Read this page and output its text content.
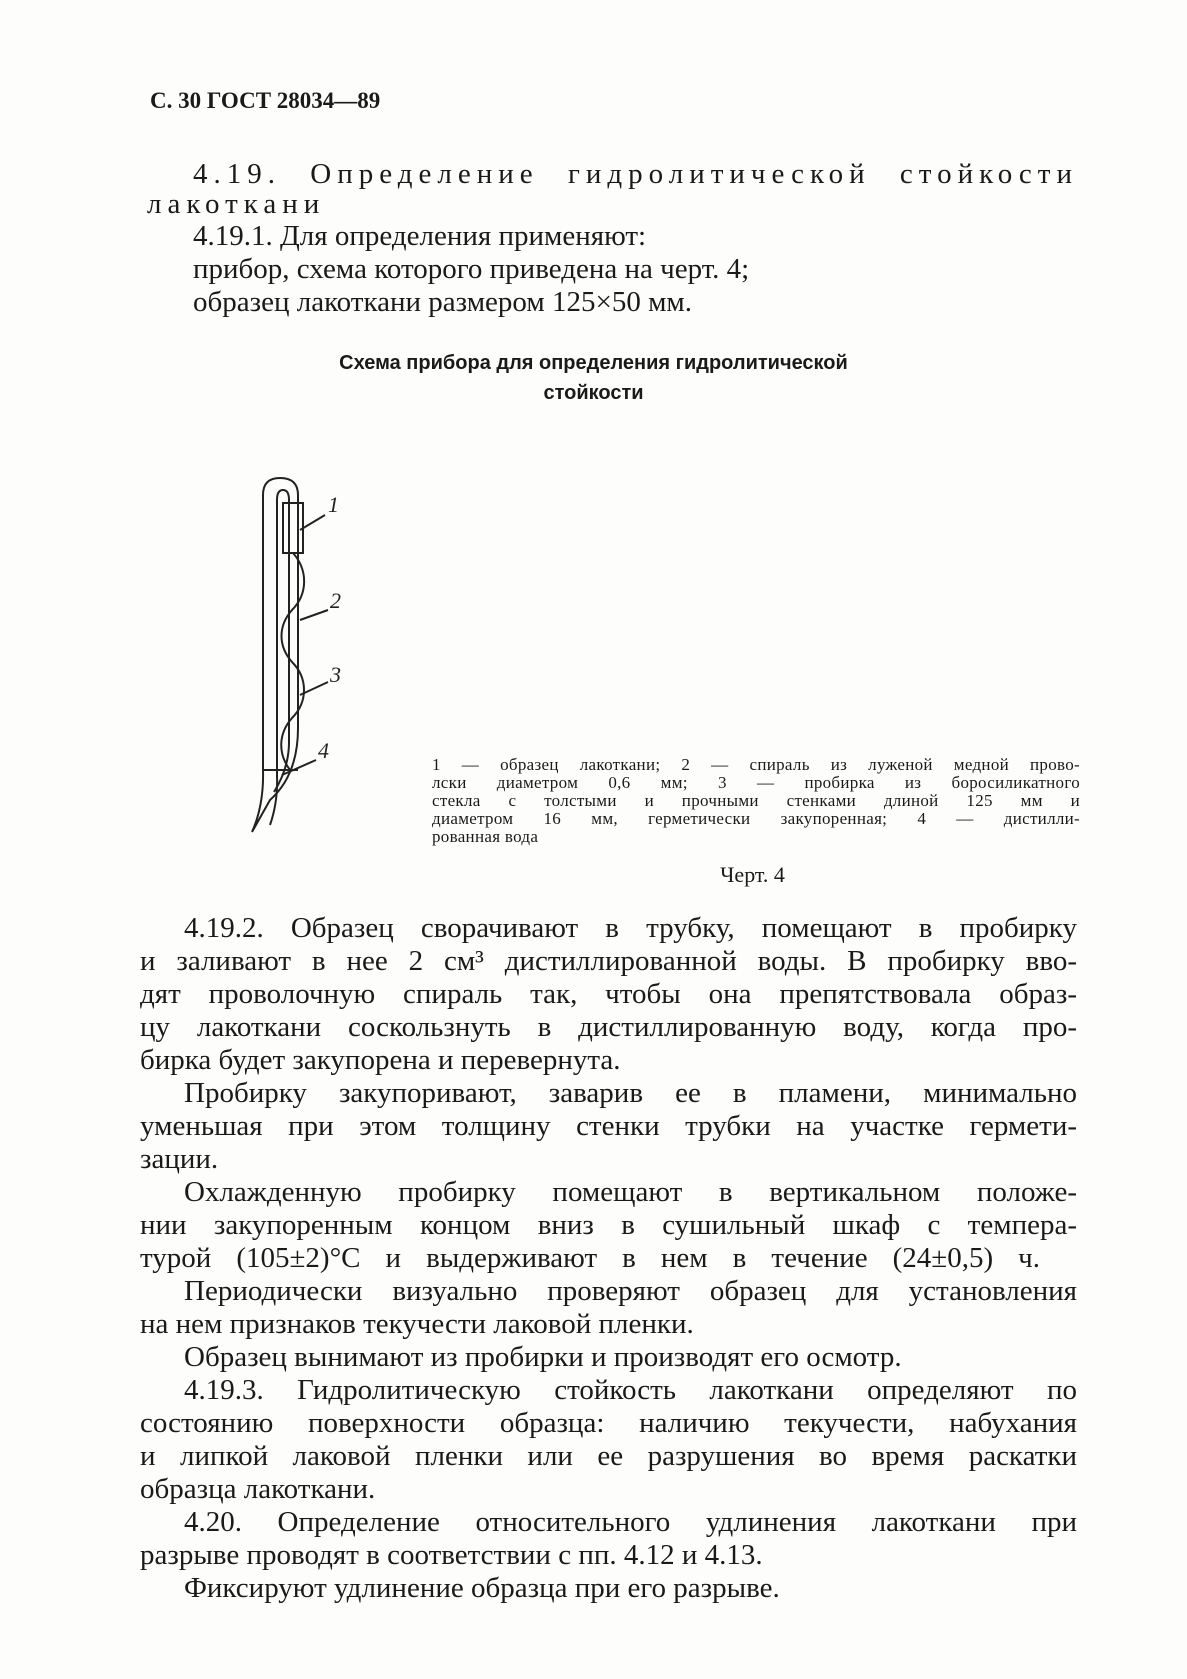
С. 30 ГОСТ 28034—89
4.19. Определение гидролитической стойкости
лакоткани
4.19.1. Для определения применяют:
прибор, схема которого приведена на черт. 4;
образец лакоткани размером 125×50 мм.
Схема прибора для определения гидролитической
стойкости
1
2
3
4
1 — образец лакоткани; 2 — спираль из луженой медной прово-
лски диаметром 0,6 мм; 3 — пробирка из боросиликатного
стекла с толстыми и прочными стенками длиной 125 мм и
диаметром 16 мм, герметически закупоренная; 4 — дистилли-
рованная вода
Черт. 4
4.19.2. Образец сворачивают в трубку, помещают в пробирку
и заливают в нее 2 см³ дистиллированной воды. В пробирку вво-
дят проволочную спираль так, чтобы она препятствовала образ-
цу лакоткани соскользнуть в дистиллированную воду, когда про-
бирка будет закупорена и перевернута.
Пробирку закупоривают, заварив ее в пламени, минимально
уменьшая при этом толщину стенки трубки на участке гермети-
зации.
Охлажденную пробирку помещают в вертикальном положе-
нии закупоренным концом вниз в сушильный шкаф с темпера-
турой (105±2)°С и выдерживают в нем в течение (24±0,5) ч.
Периодически визуально проверяют образец для установления
на нем признаков текучести лаковой пленки.
Образец вынимают из пробирки и производят его осмотр.
4.19.3. Гидролитическую стойкость лакоткани определяют по
состоянию поверхности образца: наличию текучести, набухания
и липкой лаковой пленки или ее разрушения во время раскатки
образца лакоткани.
4.20. Определение относительного удлинения лакоткани при
разрыве проводят в соответствии с пп. 4.12 и 4.13.
Фиксируют удлинение образца при его разрыве.
